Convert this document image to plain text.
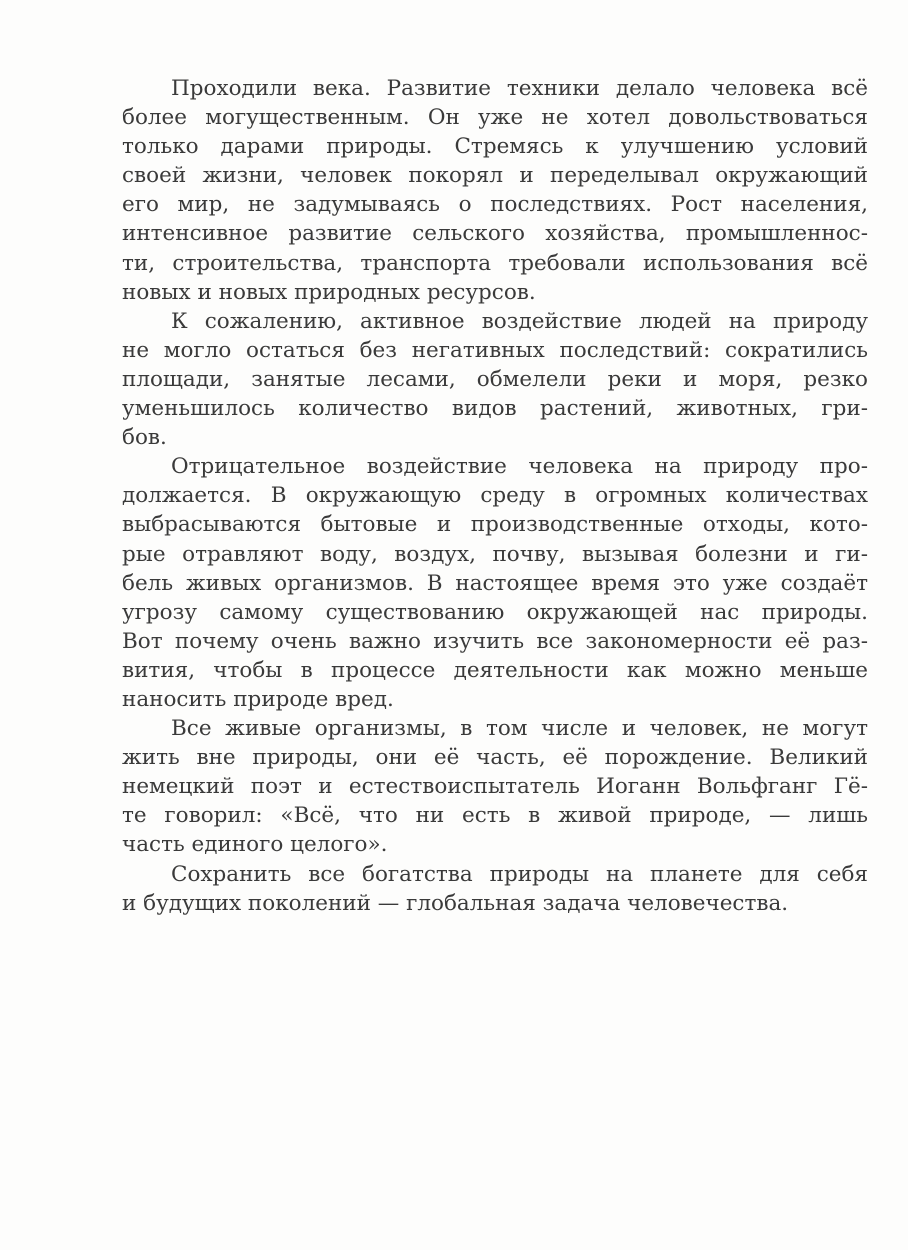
Проходили века. Развитие техники делало человека всё
более могущественным. Он уже не хотел довольствоваться
только дарами природы. Стремясь к улучшению условий
своей жизни, человек покорял и переделывал окружающий
его мир, не задумываясь о последствиях. Рост населения,
интенсивное развитие сельского хозяйства, промышленнос-
ти, строительства, транспорта требовали использования всё
новых и новых природных ресурсов.
К сожалению, активное воздействие людей на природу
не могло остаться без негативных последствий: сократились
площади, занятые лесами, обмелели реки и моря, резко
уменьшилось количество видов растений, животных, гри-
бов.
Отрицательное воздействие человека на природу про-
должается. В окружающую среду в огромных количествах
выбрасываются бытовые и производственные отходы, кото-
рые отравляют воду, воздух, почву, вызывая болезни и ги-
бель живых организмов. В настоящее время это уже создаёт
угрозу самому существованию окружающей нас природы.
Вот почему очень важно изучить все закономерности её раз-
вития, чтобы в процессе деятельности как можно меньше
наносить природе вред.
Все живые организмы, в том числе и человек, не могут
жить вне природы, они её часть, её порождение. Великий
немецкий поэт и естествоиспытатель Иоганн Вольфганг Гё-
те говорил: «Всё, что ни есть в живой природе, — лишь
часть единого целого».
Сохранить все богатства природы на планете для себя
и будущих поколений — глобальная задача человечества.
